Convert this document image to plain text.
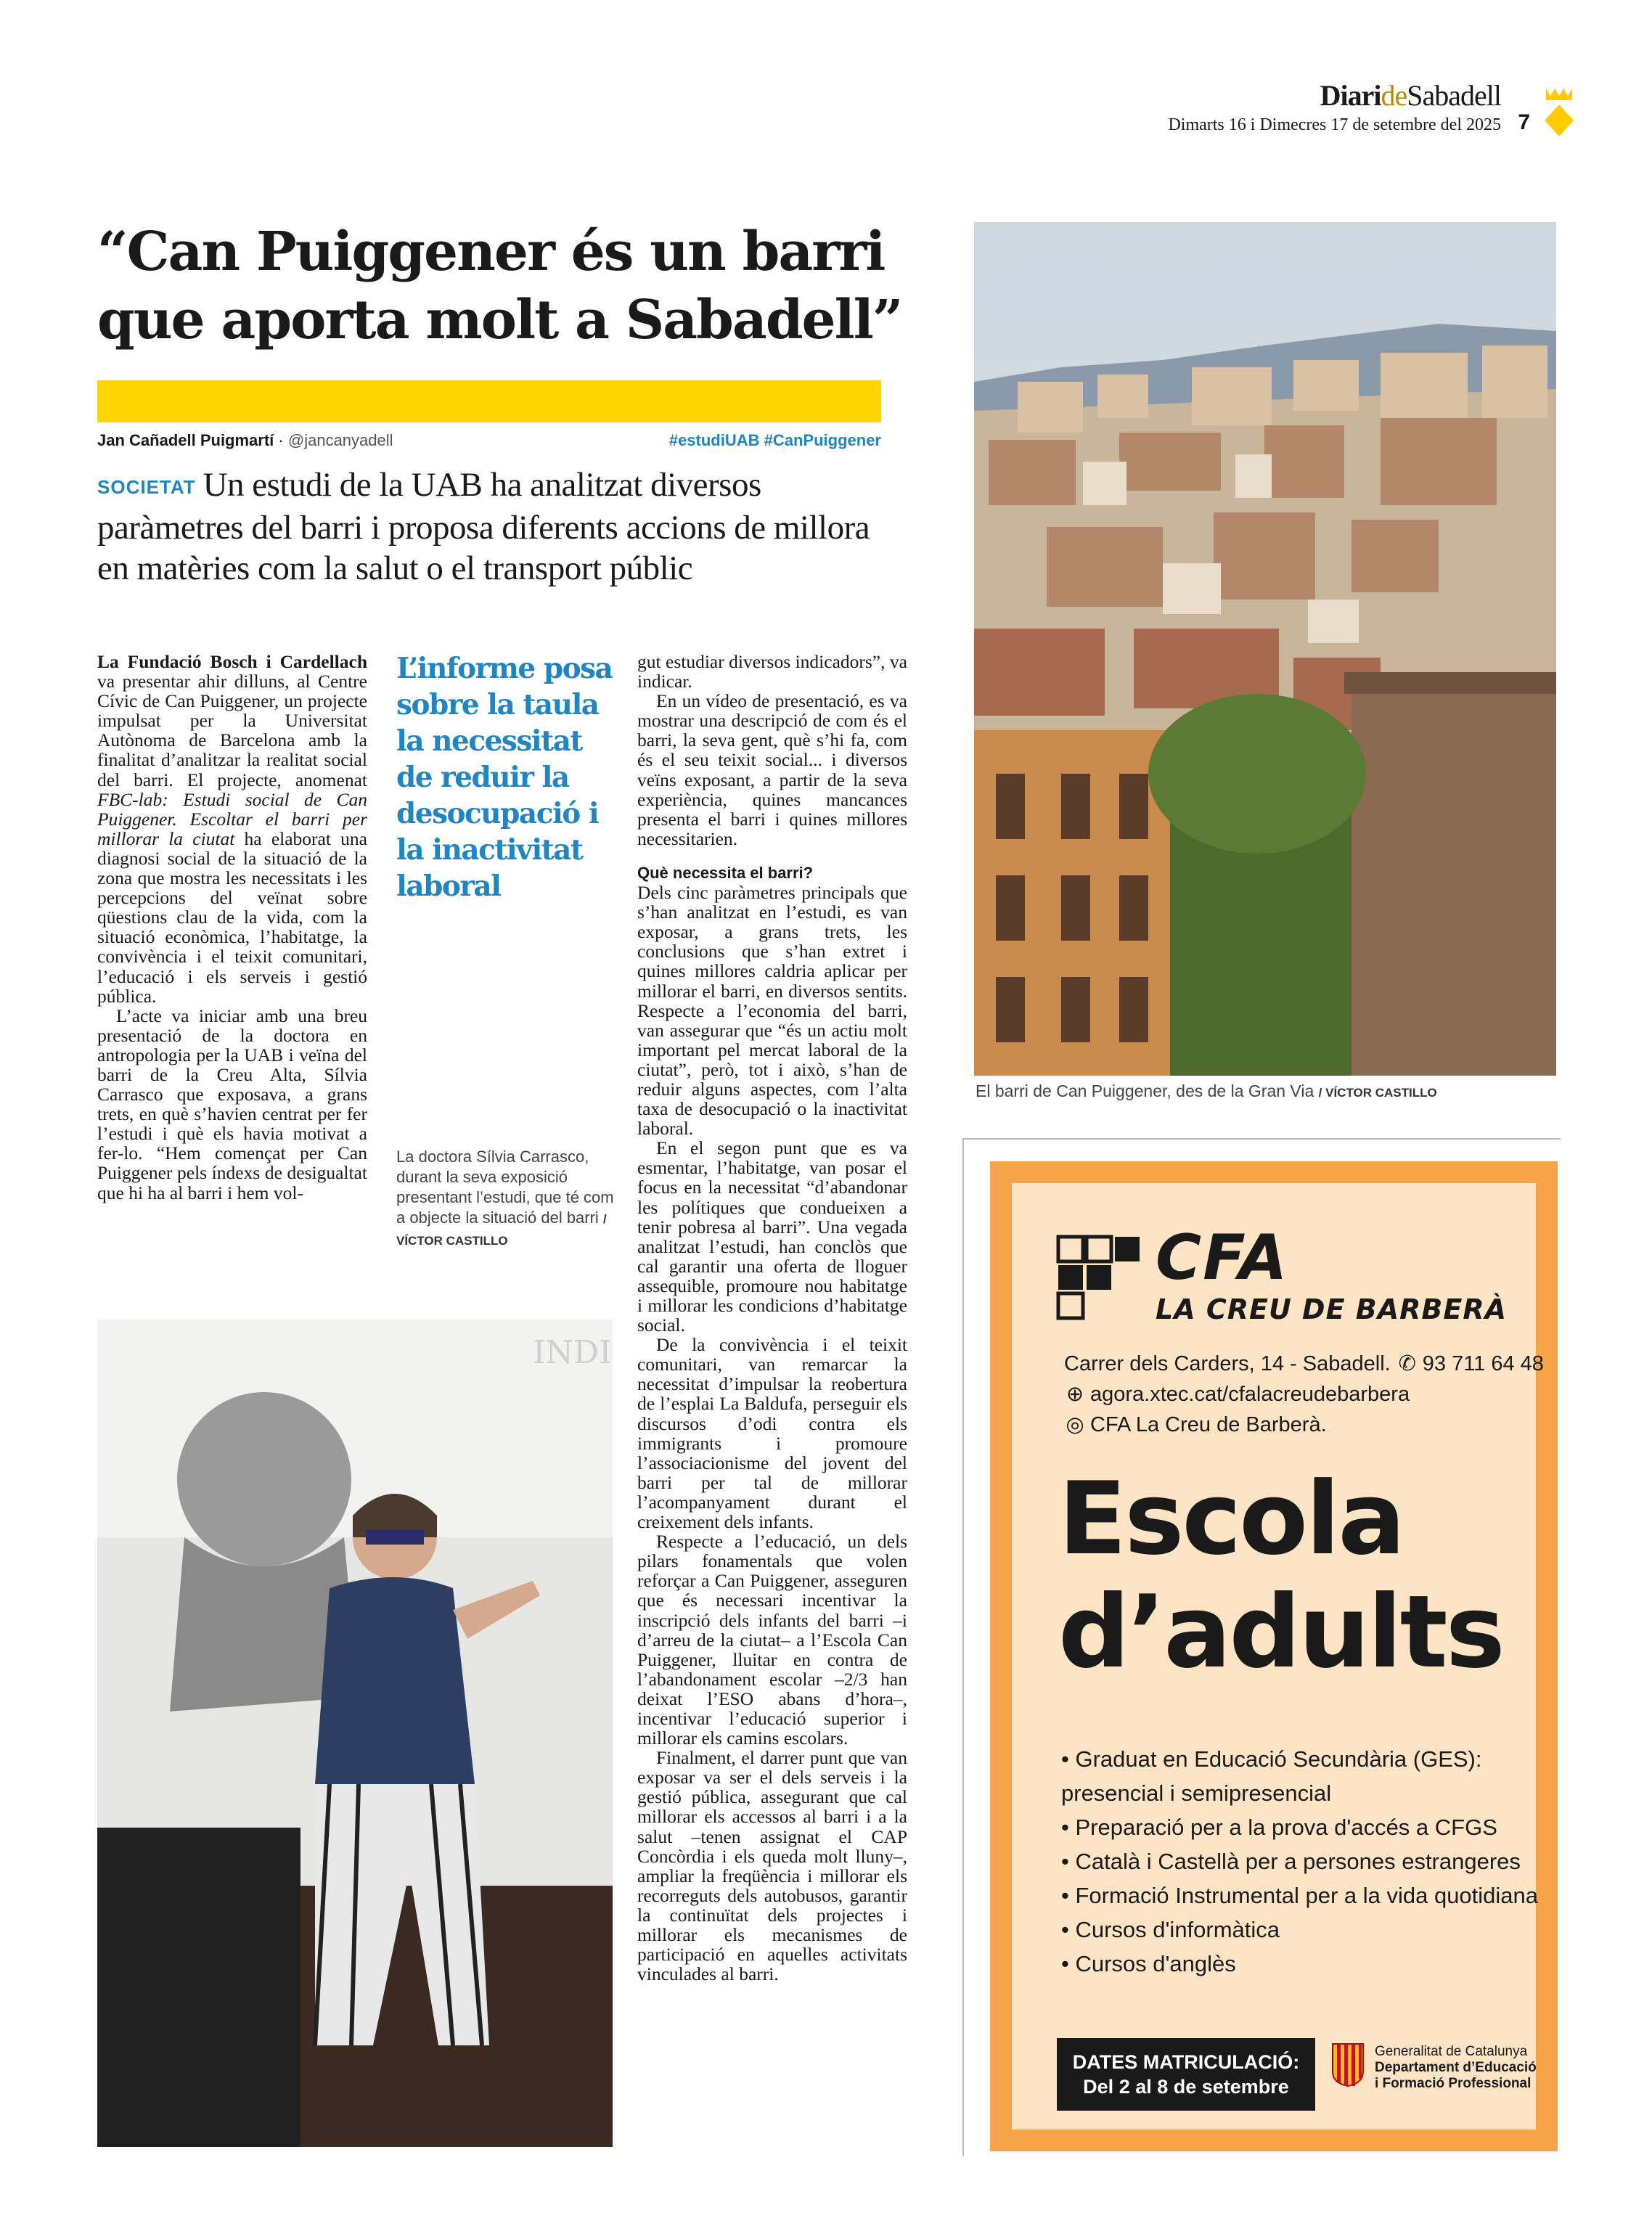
DiarideSabadell
Dimarts 16 i Dimecres 17 de setembre del 2025 7
“Can Puiggener és un barri
que aporta molt a Sabadell”
Jan Cañadell Puigmartí · @jancanyadell	#estudiUAB #CanPuiggener
SOCIETAT Un estudi de la UAB ha analitzat diversos paràmetres del barri i proposa diferents accions de millora en matèries com la salut o el transport públic

La Fundació Bosch i Cardellach va presentar ahir dilluns, al Centre Cívic de Can Puiggener, un projecte impulsat per la Universitat Autònoma de Barcelona amb la finalitat d’analitzar la realitat social del barri. El projecte, anomenat FBC-lab: Estudi social de Can Puiggener. Escoltar el barri per millorar la ciutat ha elaborat una diagnosi social de la situació de la zona que mostra les necessitats i les percepcions del veïnat sobre qüestions clau de la vida, com la situació econòmica, l’habitatge, la convivència i el teixit comunitari, l’educació i els serveis i gestió pública.

L’acte va iniciar amb una breu presentació de la doctora en antropologia per la UAB i veïna del barri de la Creu Alta, Sílvia Carrasco que exposava, a grans trets, en què s’havien centrat per fer l’estudi i què els havia motivat a fer-lo. “Hem començat per Can Puiggener pels índexs de desigualtat que hi ha al barri i hem vol-

L’informe posa sobre la taula la necessitat de reduir la desocupació i la inactivitat laboral
La doctora Sílvia Carrasco, durant la seva exposició presentant l’estudi, que té com a objecte la situació del barri / VÍCTOR CASTILLO

gut estudiar diversos indicadors”, va indicar.

En un vídeo de presentació, es va mostrar una descripció de com és el barri, la seva gent, què s’hi fa, com és el seu teixit social... i diversos veïns exposant, a partir de la seva experiència, quines mancances presenta el barri i quines millores necessitarien.

Què necessita el barri?

Dels cinc paràmetres principals que s’han analitzat en l’estudi, es van exposar, a grans trets, les conclusions que s’han extret i quines millores caldria aplicar per millorar el barri, en diversos sentits. Respecte a l’economia del barri, van assegurar que “és un actiu molt important pel mercat laboral de la ciutat”, però, tot i això, s’han de reduir alguns aspectes, com l’alta taxa de desocupació o la inactivitat laboral.

En el segon punt que es va esmentar, l’habitatge, van posar el focus en la necessitat “d’abandonar les polítiques que condueixen a tenir pobresa al barri”. Una vegada analitzat l’estudi, han conclòs que cal garantir una oferta de lloguer assequible, promoure nou habitatge i millorar les condicions d’habitatge social.

De la convivència i el teixit comunitari, van remarcar la necessitat d’impulsar la reobertura de l’esplai La Baldufa, perseguir els discursos d’odi contra els immigrants i promoure l’associacionisme del jovent del barri per tal de millorar l’acompanyament durant el creixement dels infants.

Respecte a l’educació, un dels pilars fonamentals que volen reforçar a Can Puiggener, asseguren que és necessari incentivar la inscripció dels infants del barri –i d’arreu de la ciutat– a l’Escola Can Puiggener, lluitar en contra de l’abandonament escolar –2/3 han deixat l’ESO abans d’hora–, incentivar l’educació superior i millorar els camins escolars.

Finalment, el darrer punt que van exposar va ser el dels serveis i la gestió pública, assegurant que cal millorar els accessos al barri i a la salut –tenen assignat el CAP Concòrdia i els queda molt lluny–, ampliar la freqüència i millorar els recorreguts dels autobusos, garantir la continuïtat dels projectes i millorar els mecanismes de participació en aquelles activitats vinculades al barri.

El barri de Can Puiggener, des de la Gran Via / VÍCTOR CASTILLO
INDI
CFA
LA CREU DE BARBERÀ
Carrer dels Carders, 14 - Sabadell. ✆ 93 711 64 48
⊕ agora.xtec.cat/cfalacreudebarbera
◎ CFA La Creu de Barberà.
Escola
d’adults
• Graduat en Educació Secundària (GES):
presencial i semipresencial
• Preparació per a la prova d'accés a CFGS
• Català i Castellà per a persones estrangeres
• Formació Instrumental per a la vida quotidiana
• Cursos d'informàtica
• Cursos d'anglès
DATES MATRICULACIÓ:
Del 2 al 8 de setembre
Generalitat de Catalunya
Departament d’Educació
i Formació Professional
